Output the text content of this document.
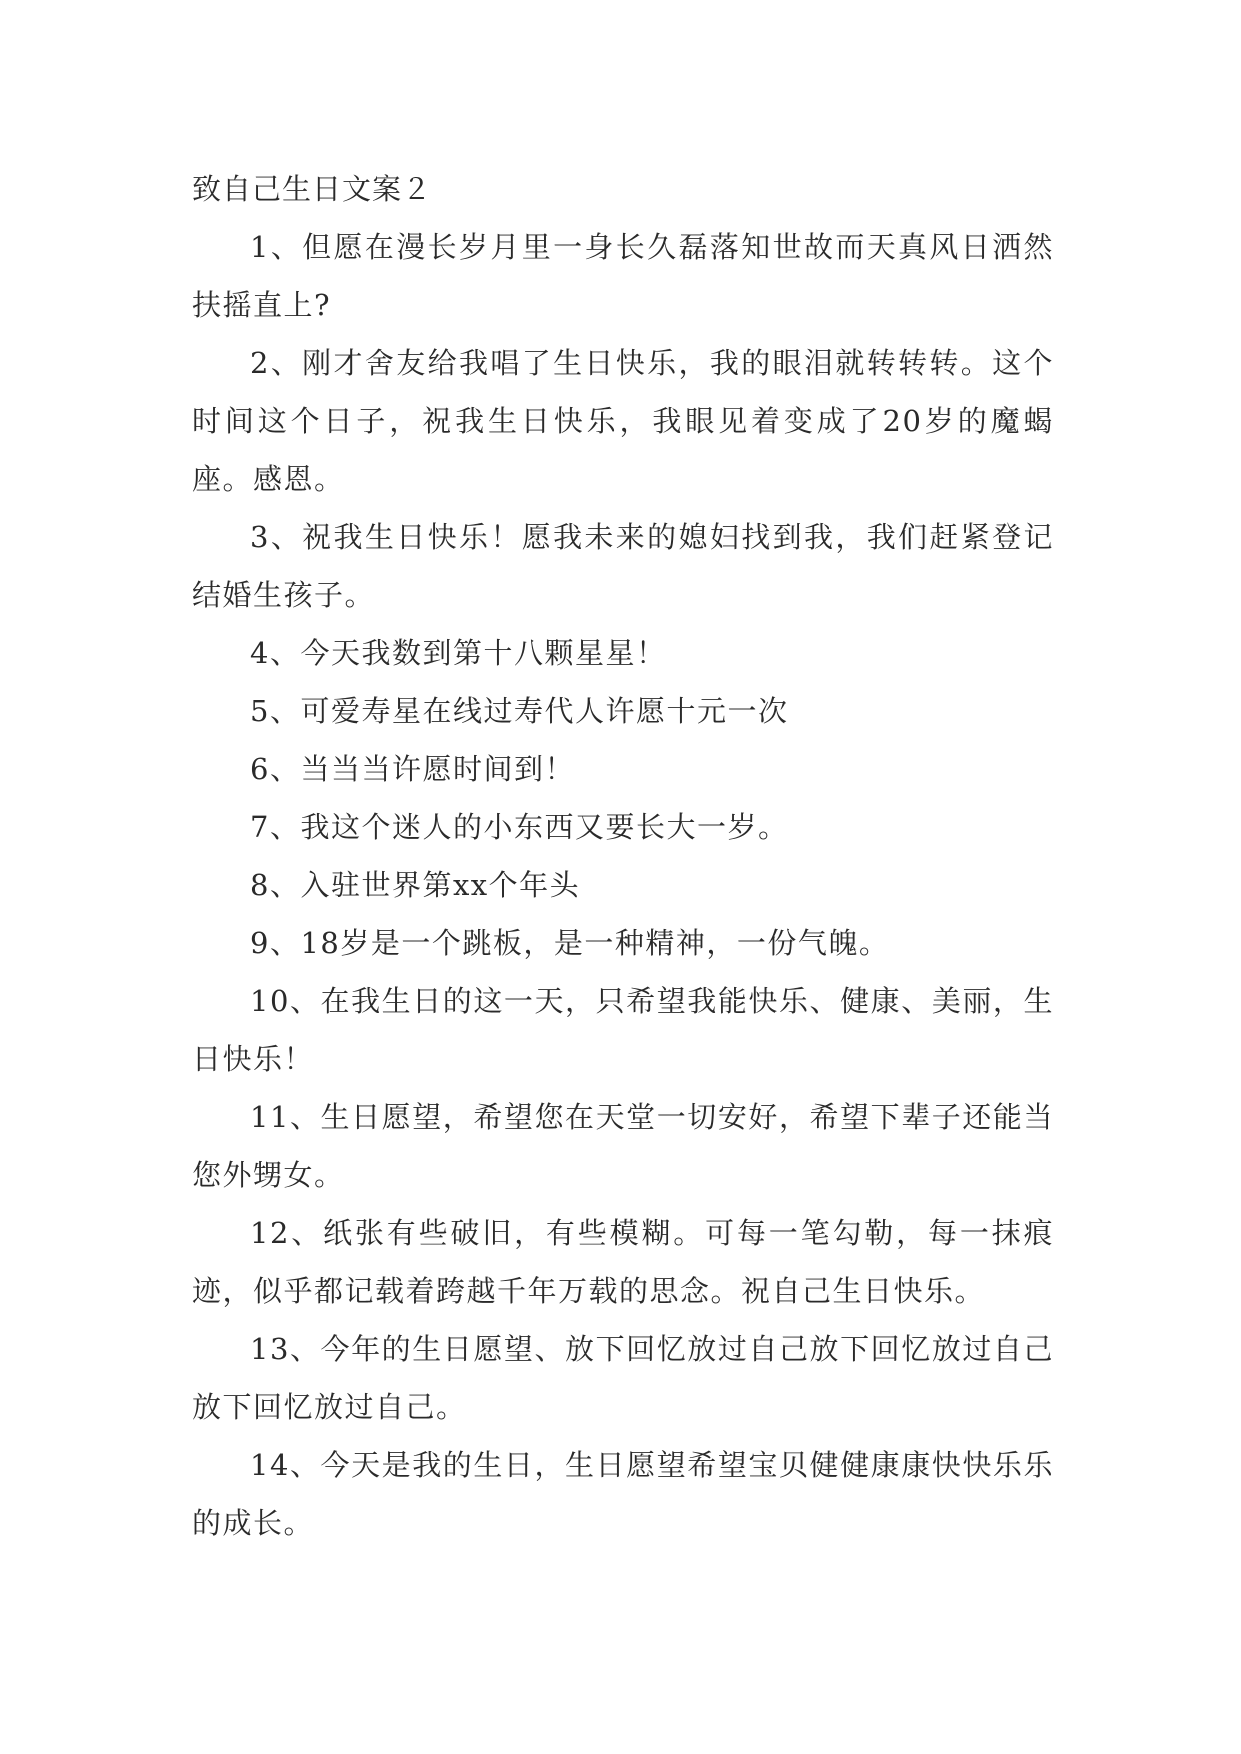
致自己生日文案２

1、但愿在漫长岁月里一身长久磊落知世故而天真风日洒然扶摇直上?

2、刚才舍友给我唱了生日快乐，我的眼泪就转转转。这个时间这个日子，祝我生日快乐，我眼见着变成了20岁的魔蝎座。感恩。

3、祝我生日快乐！愿我未来的媳妇找到我，我们赶紧登记结婚生孩子。

4、今天我数到第十八颗星星！

5、可爱寿星在线过寿代人许愿十元一次

6、当当当许愿时间到！

7、我这个迷人的小东西又要长大一岁。

8、入驻世界第xx个年头

9、18岁是一个跳板，是一种精神，一份气魄。

10、在我生日的这一天，只希望我能快乐、健康、美丽，生日快乐！

11、生日愿望，希望您在天堂一切安好，希望下辈子还能当您外甥女。

12、纸张有些破旧，有些模糊。可每一笔勾勒，每一抹痕迹，似乎都记载着跨越千年万载的思念。祝自己生日快乐。

13、今年的生日愿望、放下回忆放过自己放下回忆放过自己放下回忆放过自己。

14、今天是我的生日，生日愿望希望宝贝健健康康快快乐乐的成长。
